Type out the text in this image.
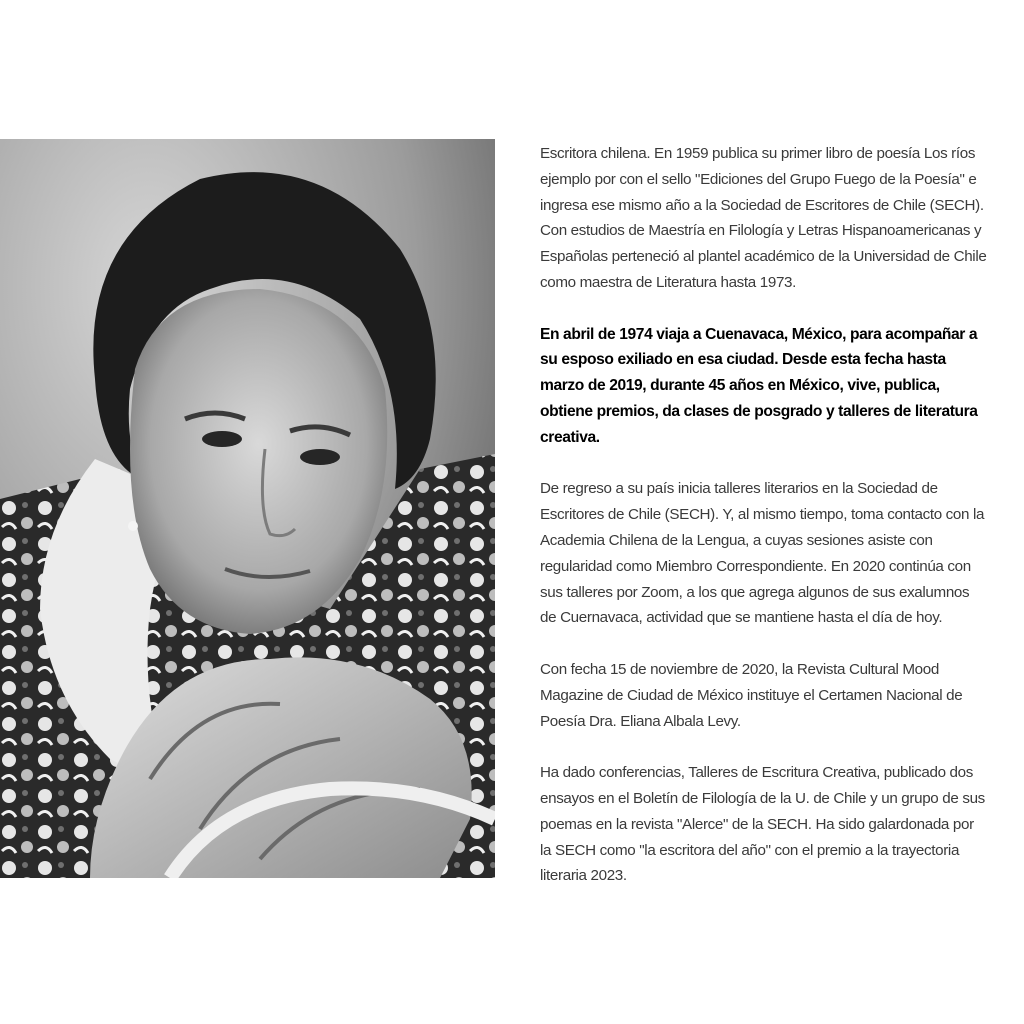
Escritora chilena. En 1959 publica su primer libro de poesía Los ríos ejemplo por con el sello "Ediciones del Grupo Fuego de la Poesía" e ingresa ese mismo año a la Sociedad de Escritores de Chile (SECH). Con estudios de Maestría en Filología y Letras Hispanoamericanas y Españolas perteneció al plantel académico de la Universidad de Chile como maestra de Literatura hasta 1973.

En abril de 1974 viaja a Cuenavaca, México, para acompañar a su esposo exiliado en esa ciudad. Desde esta fecha hasta marzo de 2019, durante 45 años en México, vive, publica, obtiene premios, da clases de posgrado y talleres de literatura creativa.

De regreso a su país inicia talleres literarios en la Sociedad de Escritores de Chile (SECH). Y, al mismo tiempo, toma contacto con la Academia Chilena de la Lengua, a cuyas sesiones asiste con regularidad como Miembro Correspondiente. En 2020 continúa con sus talleres por Zoom, a los que agrega algunos de sus exalumnos de Cuernavaca, actividad que se mantiene hasta el día de hoy.

Con fecha 15 de noviembre de 2020, la Revista Cultural Mood Magazine de Ciudad de México instituye el Certamen Nacional de Poesía Dra. Eliana Albala Levy.

Ha dado conferencias, Talleres de Escritura Creativa, publicado dos ensayos en el Boletín de Filología de la U. de Chile y un grupo de sus poemas en la revista "Alerce" de la SECH. Ha sido galardonada por la SECH como "la escritora del año" con el premio a la trayectoria literaria 2023.
